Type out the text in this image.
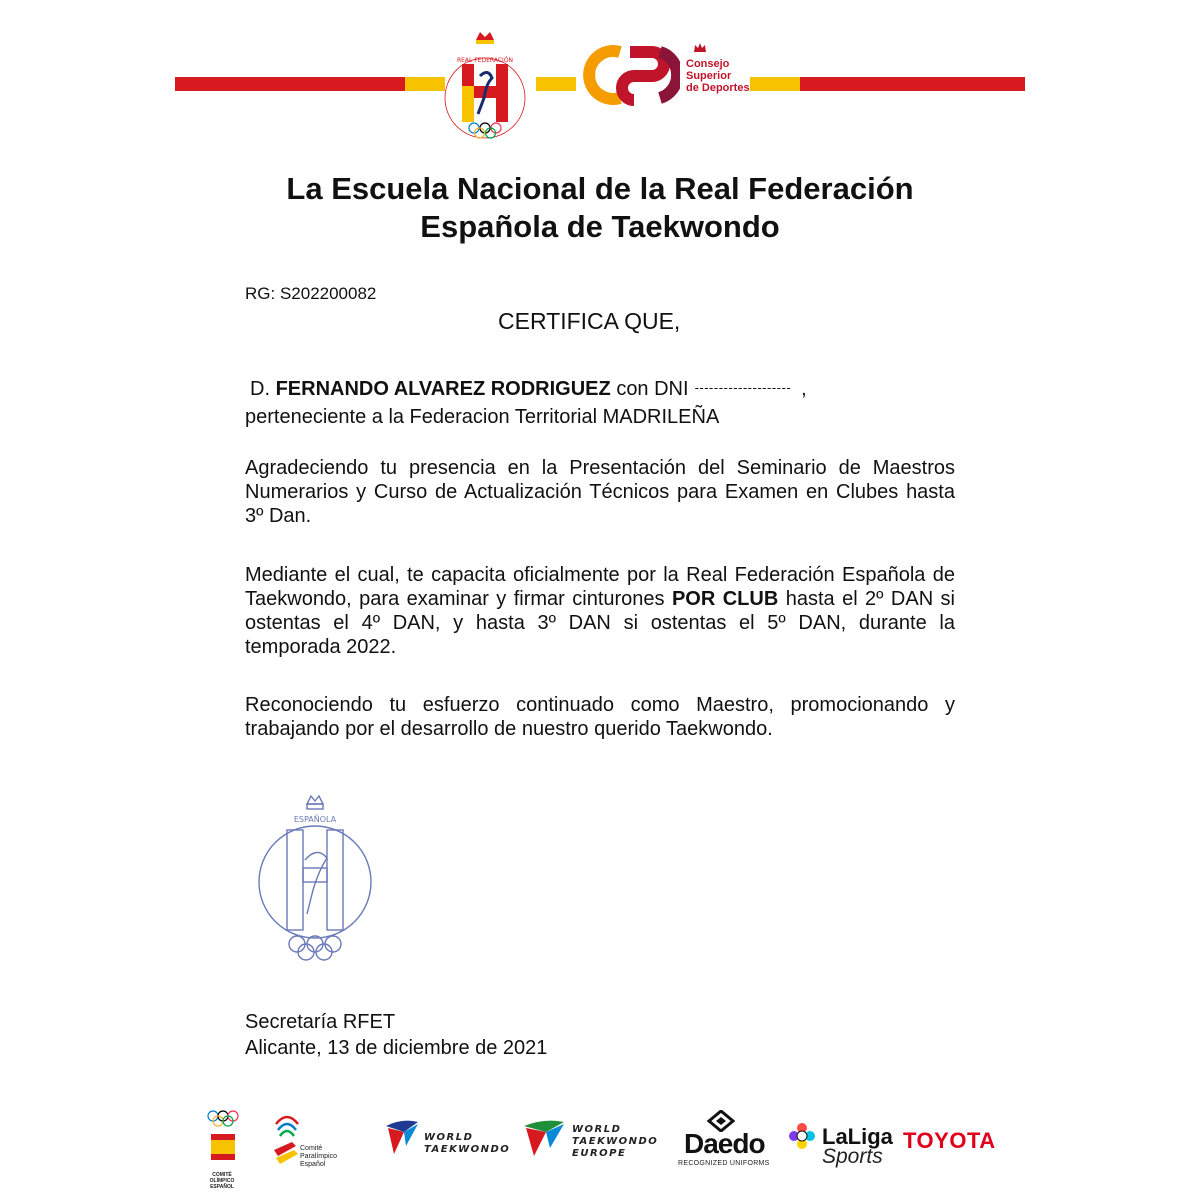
REAL FEDERACIÓN	Consejo
Superior
de Deportes
La Escuela Nacional de la Real Federación
Española de Taekwondo
RG: S202200082
CERTIFICA QUE,
D. FERNANDO ALVAREZ RODRIGUEZ con DNI -------------------- ,
perteneciente a la Federacion Territorial MADRILEÑA
Agradeciendo tu presencia en la Presentación del Seminario de Maestros Numerarios y Curso de Actualización Técnicos para Examen en Clubes hasta 3º Dan.
Mediante el cual, te capacita oficialmente por la Real Federación Española de Taekwondo, para examinar y firmar cinturones POR CLUB hasta el 2º DAN si ostentas el 4º DAN, y hasta 3º DAN si ostentas el 5º DAN, durante la temporada 2022.
Reconociendo tu esfuerzo continuado como Maestro, promocionando y trabajando por el desarrollo de nuestro querido Taekwondo.
ESPAÑOLA
Secretaría RFET
Alicante, 13 de diciembre de 2021
COMITÉ OLÍMPICO ESPAÑOL
Comité
Paralímpico
Español
WORLD
TAEKWONDO
WORLD
TAEKWONDO
EUROPE	Daedo
RECOGNIZED UNIFORMS
LaLiga
Sports
TOYOTA
